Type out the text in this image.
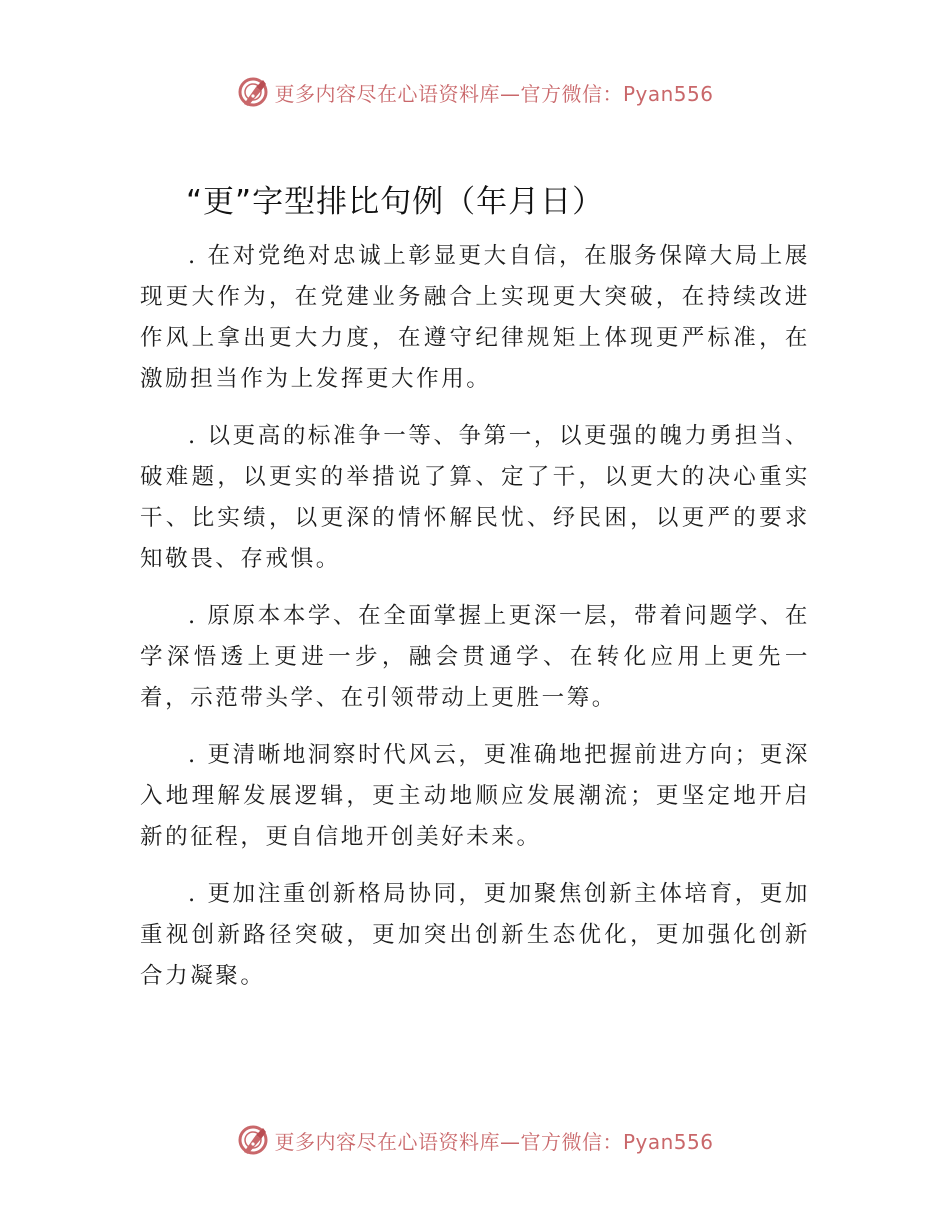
更多内容尽在心语资料库—官方微信：Pyan556
“更”字型排比句例（年月日）

. 在对党绝对忠诚上彰显更大自信，在服务保障大局上展现更大作为，在党建业务融合上实现更大突破，在持续改进作风上拿出更大力度，在遵守纪律规矩上体现更严标准，在激励担当作为上发挥更大作用。

. 以更高的标准争一等、争第一，以更强的魄力勇担当、破难题，以更实的举措说了算、定了干，以更大的决心重实干、比实绩，以更深的情怀解民忧、纾民困，以更严的要求知敬畏、存戒惧。

. 原原本本学、在全面掌握上更深一层，带着问题学、在学深悟透上更进一步，融会贯通学、在转化应用上更先一着，示范带头学、在引领带动上更胜一筹。

. 更清晰地洞察时代风云，更准确地把握前进方向；更深入地理解发展逻辑，更主动地顺应发展潮流；更坚定地开启新的征程，更自信地开创美好未来。

. 更加注重创新格局协同，更加聚焦创新主体培育，更加重视创新路径突破，更加突出创新生态优化，更加强化创新合力凝聚。

更多内容尽在心语资料库—官方微信：Pyan556
